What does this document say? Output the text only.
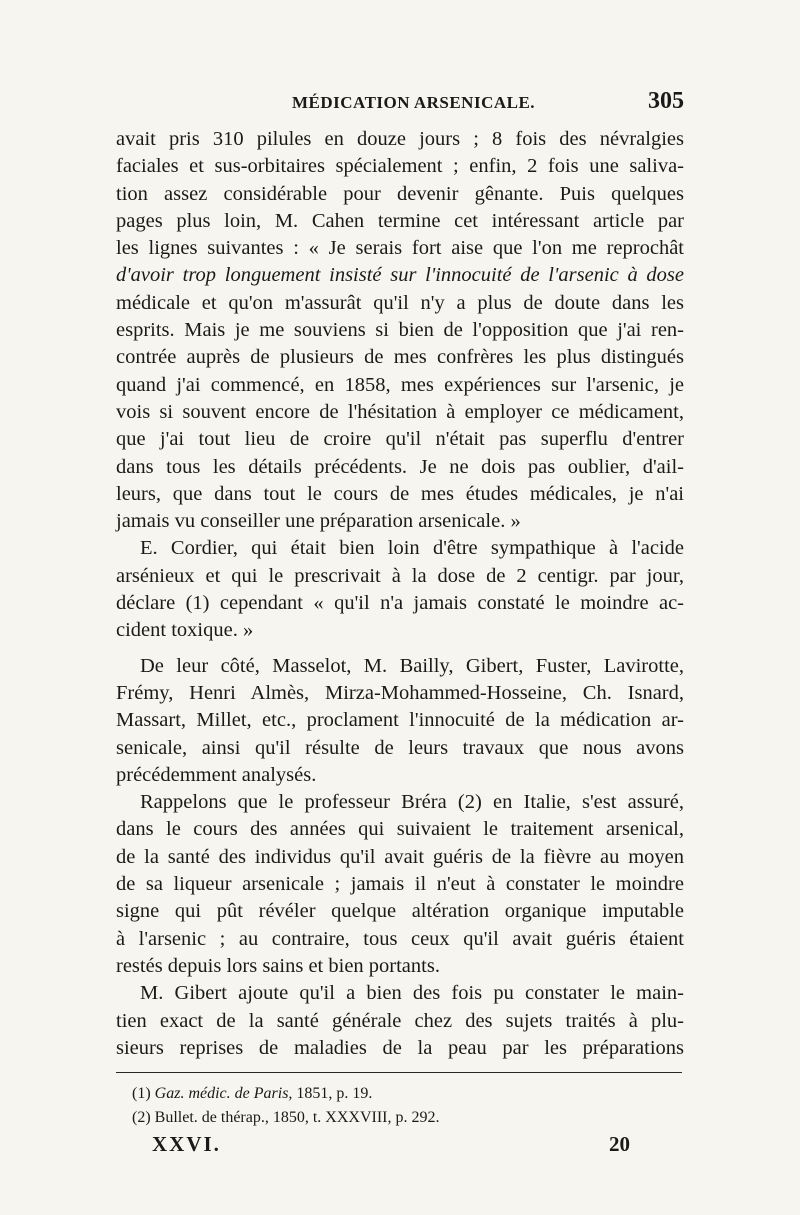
MÉDICATION ARSENICALE.	305
avait pris 310 pilules en douze jours ; 8 fois des névralgies
faciales et sus-orbitaires spécialement ; enfin, 2 fois une saliva-
tion assez considérable pour devenir gênante. Puis quelques
pages plus loin, M. Cahen termine cet intéressant article par
les lignes suivantes : « Je serais fort aise que l'on me reprochât
d'avoir trop longuement insisté sur l'innocuité de l'arsenic à dose
médicale et qu'on m'assurât qu'il n'y a plus de doute dans les
esprits. Mais je me souviens si bien de l'opposition que j'ai ren-
contrée auprès de plusieurs de mes confrères les plus distingués
quand j'ai commencé, en 1858, mes expériences sur l'arsenic, je
vois si souvent encore de l'hésitation à employer ce médicament,
que j'ai tout lieu de croire qu'il n'était pas superflu d'entrer
dans tous les détails précédents. Je ne dois pas oublier, d'ail-
leurs, que dans tout le cours de mes études médicales, je n'ai
jamais vu conseiller une préparation arsenicale. »
E. Cordier, qui était bien loin d'être sympathique à l'acide
arsénieux et qui le prescrivait à la dose de 2 centigr. par jour,
déclare (1) cependant « qu'il n'a jamais constaté le moindre ac-
cident toxique. »
De leur côté, Masselot, M. Bailly, Gibert, Fuster, Lavirotte,
Frémy, Henri Almès, Mirza-Mohammed-Hosseine, Ch. Isnard,
Massart, Millet, etc., proclament l'innocuité de la médication ar-
senicale, ainsi qu'il résulte de leurs travaux que nous avons
précédemment analysés.
Rappelons que le professeur Bréra (2) en Italie, s'est assuré,
dans le cours des années qui suivaient le traitement arsenical,
de la santé des individus qu'il avait guéris de la fièvre au moyen
de sa liqueur arsenicale ; jamais il n'eut à constater le moindre
signe qui pût révéler quelque altération organique imputable
à l'arsenic ; au contraire, tous ceux qu'il avait guéris étaient
restés depuis lors sains et bien portants.
M. Gibert ajoute qu'il a bien des fois pu constater le main-
tien exact de la santé générale chez des sujets traités à plu-
sieurs reprises de maladies de la peau par les préparations
(1) Gaz. médic. de Paris, 1851, p. 19.
(2) Bullet. de thérap., 1850, t. XXXVIII, p. 292.
XXVI.	20
